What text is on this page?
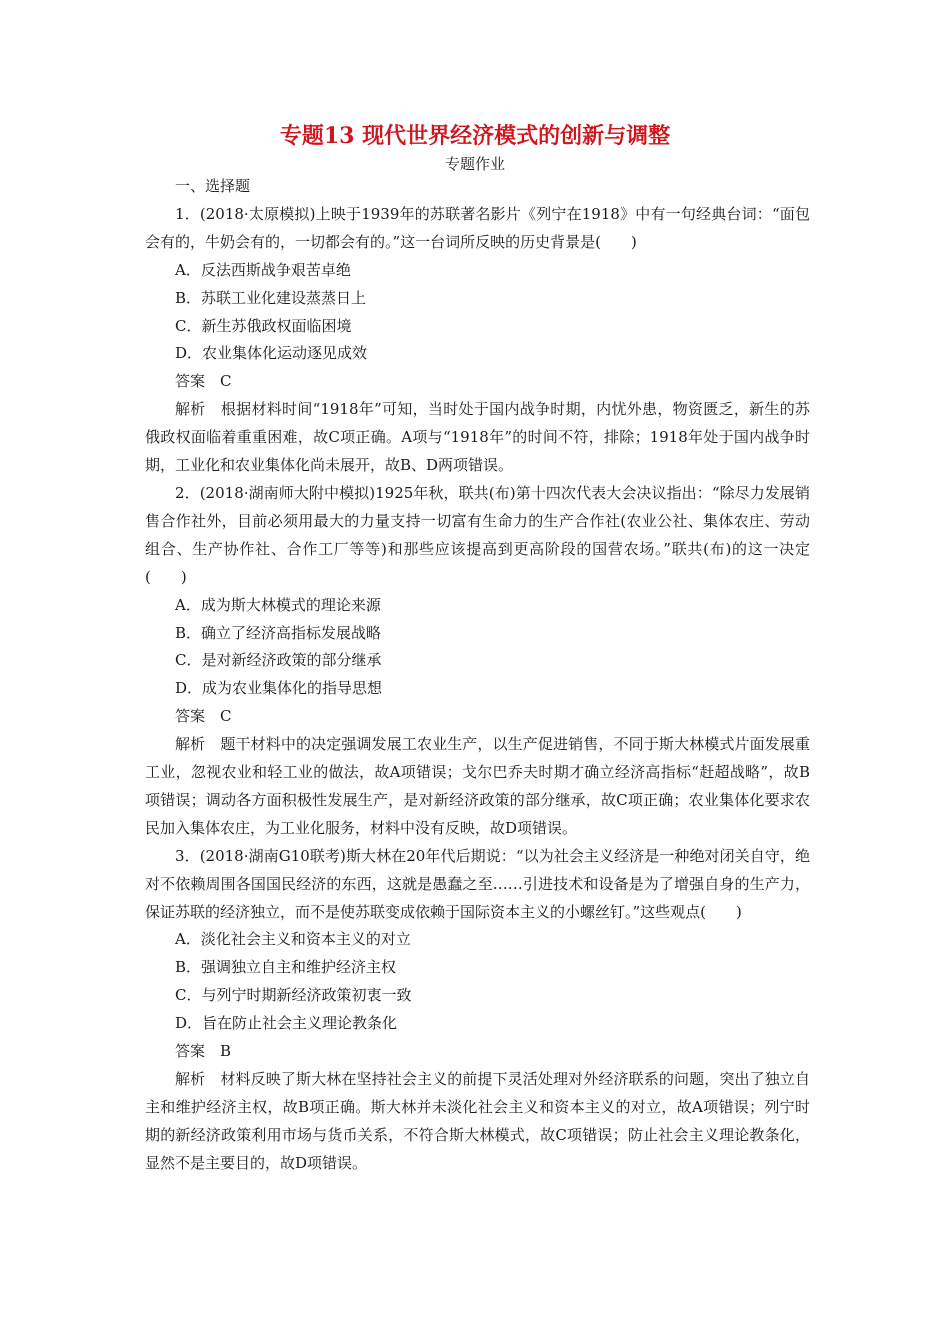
专题13 现代世界经济模式的创新与调整
专题作业

一、选择题

1．(2018·太原模拟)上映于1939年的苏联著名影片《列宁在1918》中有一句经典台词：“面包会有的，牛奶会有的，一切都会有的。”这一台词所反映的历史背景是(　　)

A．反法西斯战争艰苦卓绝

B．苏联工业化建设蒸蒸日上

C．新生苏俄政权面临困境

D．农业集体化运动逐见成效

答案　C

解析　根据材料时间“1918年”可知，当时处于国内战争时期，内忧外患，物资匮乏，新生的苏俄政权面临着重重困难，故C项正确。A项与“1918年”的时间不符，排除；1918年处于国内战争时期，工业化和农业集体化尚未展开，故B、D两项错误。

2．(2018·湖南师大附中模拟)1925年秋，联共(布)第十四次代表大会决议指出：“除尽力发展销售合作社外，目前必须用最大的力量支持一切富有生命力的生产合作社(农业公社、集体农庄、劳动组合、生产协作社、合作工厂等等)和那些应该提高到更高阶段的国营农场。”联共(布)的这一决定(　　)

A．成为斯大林模式的理论来源

B．确立了经济高指标发展战略

C．是对新经济政策的部分继承

D．成为农业集体化的指导思想

答案　C

解析　题干材料中的决定强调发展工农业生产，以生产促进销售，不同于斯大林模式片面发展重工业，忽视农业和轻工业的做法，故A项错误；戈尔巴乔夫时期才确立经济高指标“赶超战略”，故B项错误；调动各方面积极性发展生产，是对新经济政策的部分继承，故C项正确；农业集体化要求农民加入集体农庄，为工业化服务，材料中没有反映，故D项错误。

3．(2018·湖南G10联考)斯大林在20年代后期说：“以为社会主义经济是一种绝对闭关自守，绝对不依赖周围各国国民经济的东西，这就是愚蠢之至……引进技术和设备是为了增强自身的生产力，保证苏联的经济独立，而不是使苏联变成依赖于国际资本主义的小螺丝钉。”这些观点(　　)

A．淡化社会主义和资本主义的对立

B．强调独立自主和维护经济主权

C．与列宁时期新经济政策初衷一致

D．旨在防止社会主义理论教条化

答案　B

解析　材料反映了斯大林在坚持社会主义的前提下灵活处理对外经济联系的问题，突出了独立自主和维护经济主权，故B项正确。斯大林并未淡化社会主义和资本主义的对立，故A项错误；列宁时期的新经济政策利用市场与货币关系，不符合斯大林模式，故C项错误；防止社会主义理论教条化，显然不是主要目的，故D项错误。
